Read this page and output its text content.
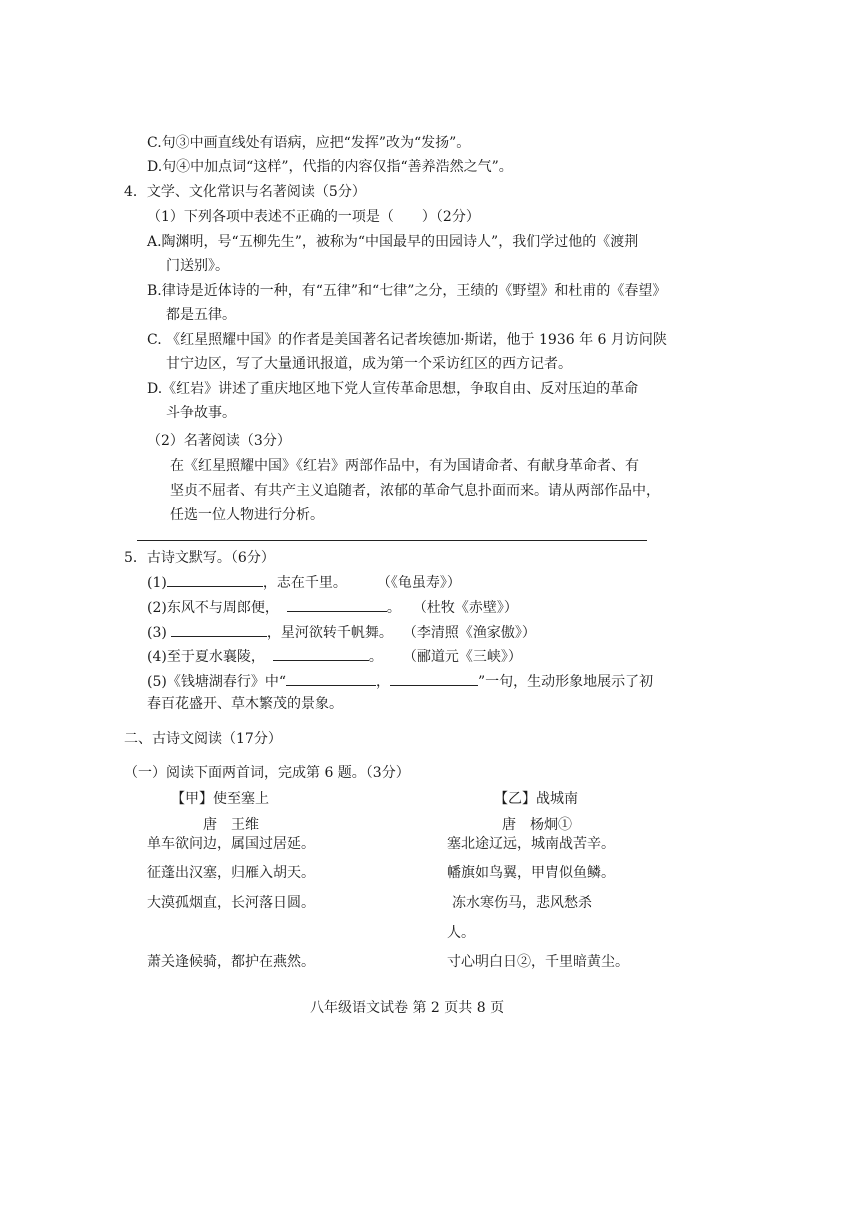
C.句③中画直线处有语病，应把“发挥”改为“发扬”。
D.句④中加点词“这样”，代指的内容仅指“善养浩然之气”。
4．文学、文化常识与名著阅读（5分）
（1）下列各项中表述不正确的一项是（　　）（2分）
A.陶渊明，号“五柳先生”，被称为“中国最早的田园诗人”，我们学过他的《渡荆
门送别》。
B.律诗是近体诗的一种，有“五律”和“七律”之分，王绩的《野望》和杜甫的《春望》
都是五律。
C. 《红星照耀中国》的作者是美国著名记者埃德加·斯诺，他于 1936 年 6 月访问陕
甘宁边区，写了大量通讯报道，成为第一个采访红区的西方记者。
D.《红岩》讲述了重庆地区地下党人宣传革命思想，争取自由、反对压迫的革命
斗争故事。
（2）名著阅读（3分）
在《红星照耀中国》《红岩》两部作品中，有为国请命者、有献身革命者、有
坚贞不屈者、有共产主义追随者，浓郁的革命气息扑面而来。请从两部作品中，
任选一位人物进行分析。
5．古诗文默写。（6分）
(1)	，志在千里。 （《龟虽寿》）
(2)东风不与周郎便，	。 （杜牧《赤壁》）
(3)	，星河欲转千帆舞。 （李清照《渔家傲》）
(4)至于夏水襄陵，	。 （郦道元《三峡》）
(5)《钱塘湖春行》中“	，	”一句，生动形象地展示了初
春百花盛开、草木繁茂的景象。
二、古诗文阅读（17分）
（一）阅读下面两首词，完成第 6 题。（3分）
【甲】使至塞上
唐　王维
单车欲问边，属国过居延。
征蓬出汉塞，归雁入胡天。
大漠孤烟直，长河落日圆。
萧关逢候骑，都护在燕然。
【乙】战城南
唐　杨炯①
塞北途辽远，城南战苦辛。
幡旗如鸟翼，甲胄似鱼鳞。
冻水寒伤马，悲风愁杀
人。
寸心明白日②，千里暗黄尘。
八年级语文试卷 第 2 页共 8 页
